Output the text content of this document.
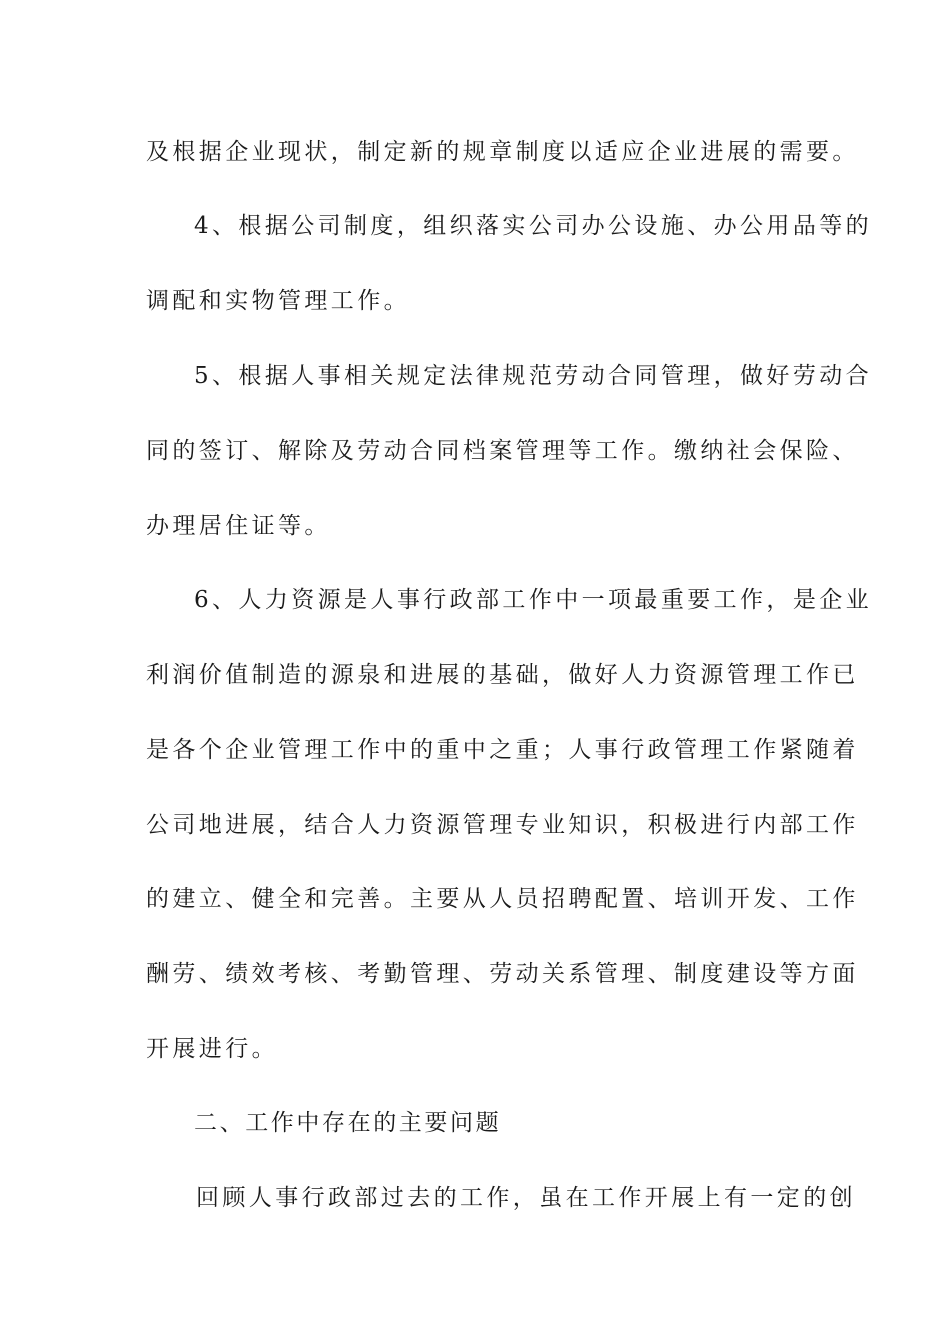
及根据企业现状，制定新的规章制度以适应企业进展的需要。
4、根据公司制度，组织落实公司办公设施、办公用品等的
调配和实物管理工作。
5、根据人事相关规定法律规范劳动合同管理，做好劳动合
同的签订、解除及劳动合同档案管理等工作。缴纳社会保险、
办理居住证等。
6、人力资源是人事行政部工作中一项最重要工作，是企业
利润价值制造的源泉和进展的基础，做好人力资源管理工作已
是各个企业管理工作中的重中之重；人事行政管理工作紧随着
公司地进展，结合人力资源管理专业知识，积极进行内部工作
的建立、健全和完善。主要从人员招聘配置、培训开发、工作
酬劳、绩效考核、考勤管理、劳动关系管理、制度建设等方面
开展进行。
二、工作中存在的主要问题
回顾人事行政部过去的工作，虽在工作开展上有一定的创
